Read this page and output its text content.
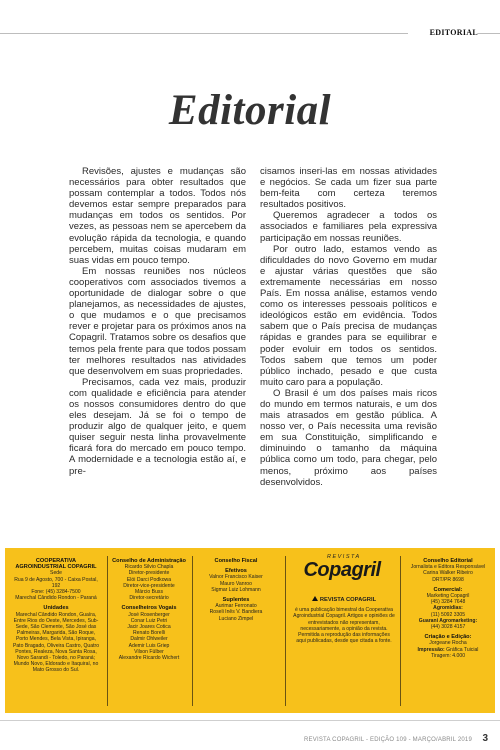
EDITORIAL
Editorial

Revisões, ajustes e mudanças são necessários para obter resultados que possam contemplar a todos. Todos nós devemos estar sempre preparados para mudanças em todos os sentidos. Por vezes, as pessoas nem se apercebem da evolução rápida da tecnologia, e quando percebem, muitas coisas mudaram em suas vidas em pouco tempo.

Em nossas reuniões nos núcleos cooperativos com associados tivemos a oportunidade de dialogar sobre o que planejamos, as necessidades de ajustes, o que mudamos e o que precisamos rever e projetar para os próximos anos na Copagril. Tratamos sobre os desafios que temos pela frente para que todos possam ter melhores resultados nas atividades que desenvolvem em suas propriedades.

Precisamos, cada vez mais, produzir com qualidade e eficiência para atender os nossos consumidores dentro do que eles desejam. Já se foi o tempo de produzir algo de qualquer jeito, e quem quiser seguir nesta linha provavelmente ficará fora do mercado em pouco tempo. A modernidade e a tecnologia estão aí, e pre-

cisamos inseri-las em nossas atividades e negócios. Se cada um fizer sua parte bem-feita com certeza teremos resultados positivos.

Queremos agradecer a todos os associados e familiares pela expressiva participação em nossas reuniões.

Por outro lado, estamos vendo as dificuldades do novo Governo em mudar e ajustar várias questões que são extremamente necessárias em nosso País. Em nossa análise, estamos vendo como os interesses pessoais políticos e ideológicos estão em evidência. Todos sabem que o País precisa de mudanças rápidas e grandes para se equilibrar e poder evoluir em todos os sentidos. Todos sabem que temos um poder público inchado, pesado e que custa muito caro para a população.

O Brasil é um dos países mais ricos do mundo em termos naturais, e um dos mais atrasados em gestão pública. A nosso ver, o País necessita uma revisão em sua Constituição, simplificando e diminuindo o tamanho da máquina pública como um todo, para chegar, pelo menos, próximo aos países desenvolvidos.

COOPERATIVA AGROINDUSTRIAL COPAGRIL
Sede
Rua 9 de Agosto, 700 - Caixa Postal, 192
Fone: (45) 3284-7500
Marechal Cândido Rondon - Paraná
Unidades
Marechal Cândido Rondon, Guaíra, Entre Rios do Oeste, Mercedes, Sub-Sede, São Clemente, São José das Palmeiras, Margarida, São Roque, Porto Mendes, Bela Vista, Ipiranga, Pato Bragado, Oliveira Castro, Quatro Pontes, Realeza, Nova Santa Rosa, Novo Sarandi - Toledo, no Paraná; Mundo Novo, Eldorado e Itaquiraí, no Mato Grosso do Sul.
Conselho de Administração
Ricardo Silvio Chapla
Diretor-presidente
Elói Darci Podkowa
Diretor-vice-presidente
Márcio Buss
Diretor-secretário
Conselheiros Vogais
José Rosenberger
Conar Luiz Petri
Jacir Joares Cotica
Renato Borelli
Dalmir Ohlweiler
Ademir Luis Griep
Vilson Fülber
Alexandre Ricardo Wichert
Conselho Fiscal
Efetivos
Valnor Francisco Kaiser
Mauro Vanroo
Sigmar Luiz Lohmann
Suplentes
Aurimar Ferronato
Roseli Inês V. Bandiera
Luciano Zimpel
REVISTA
Copagril
REVISTA COPAGRIL
é uma publicação bimestral da Cooperativa Agroindustrial Copagril. Artigos e opiniões de entrevistados não representam, necessariamente, a opinião da revista. Permitida a reprodução das informações aqui publicadas, desde que citada a fonte.
Conselho Editorial
Jornalista e Editora Responsável
Carina Walker Ribeiro
DRT/PR 8698
Comercial:
Marketing Copagril
(45) 3284 7648
Agromidias:
(11) 5092 3305
Guarani Agromarketing:
(44) 3028 4157
Criação e Edição:
Jorgeane Rocha
Impressão: Gráfica Tuicial
Tiragem: 4.000
REVISTA COPAGRIL - EDIÇÃO 109 - MARÇO/ABRIL 2019 3
